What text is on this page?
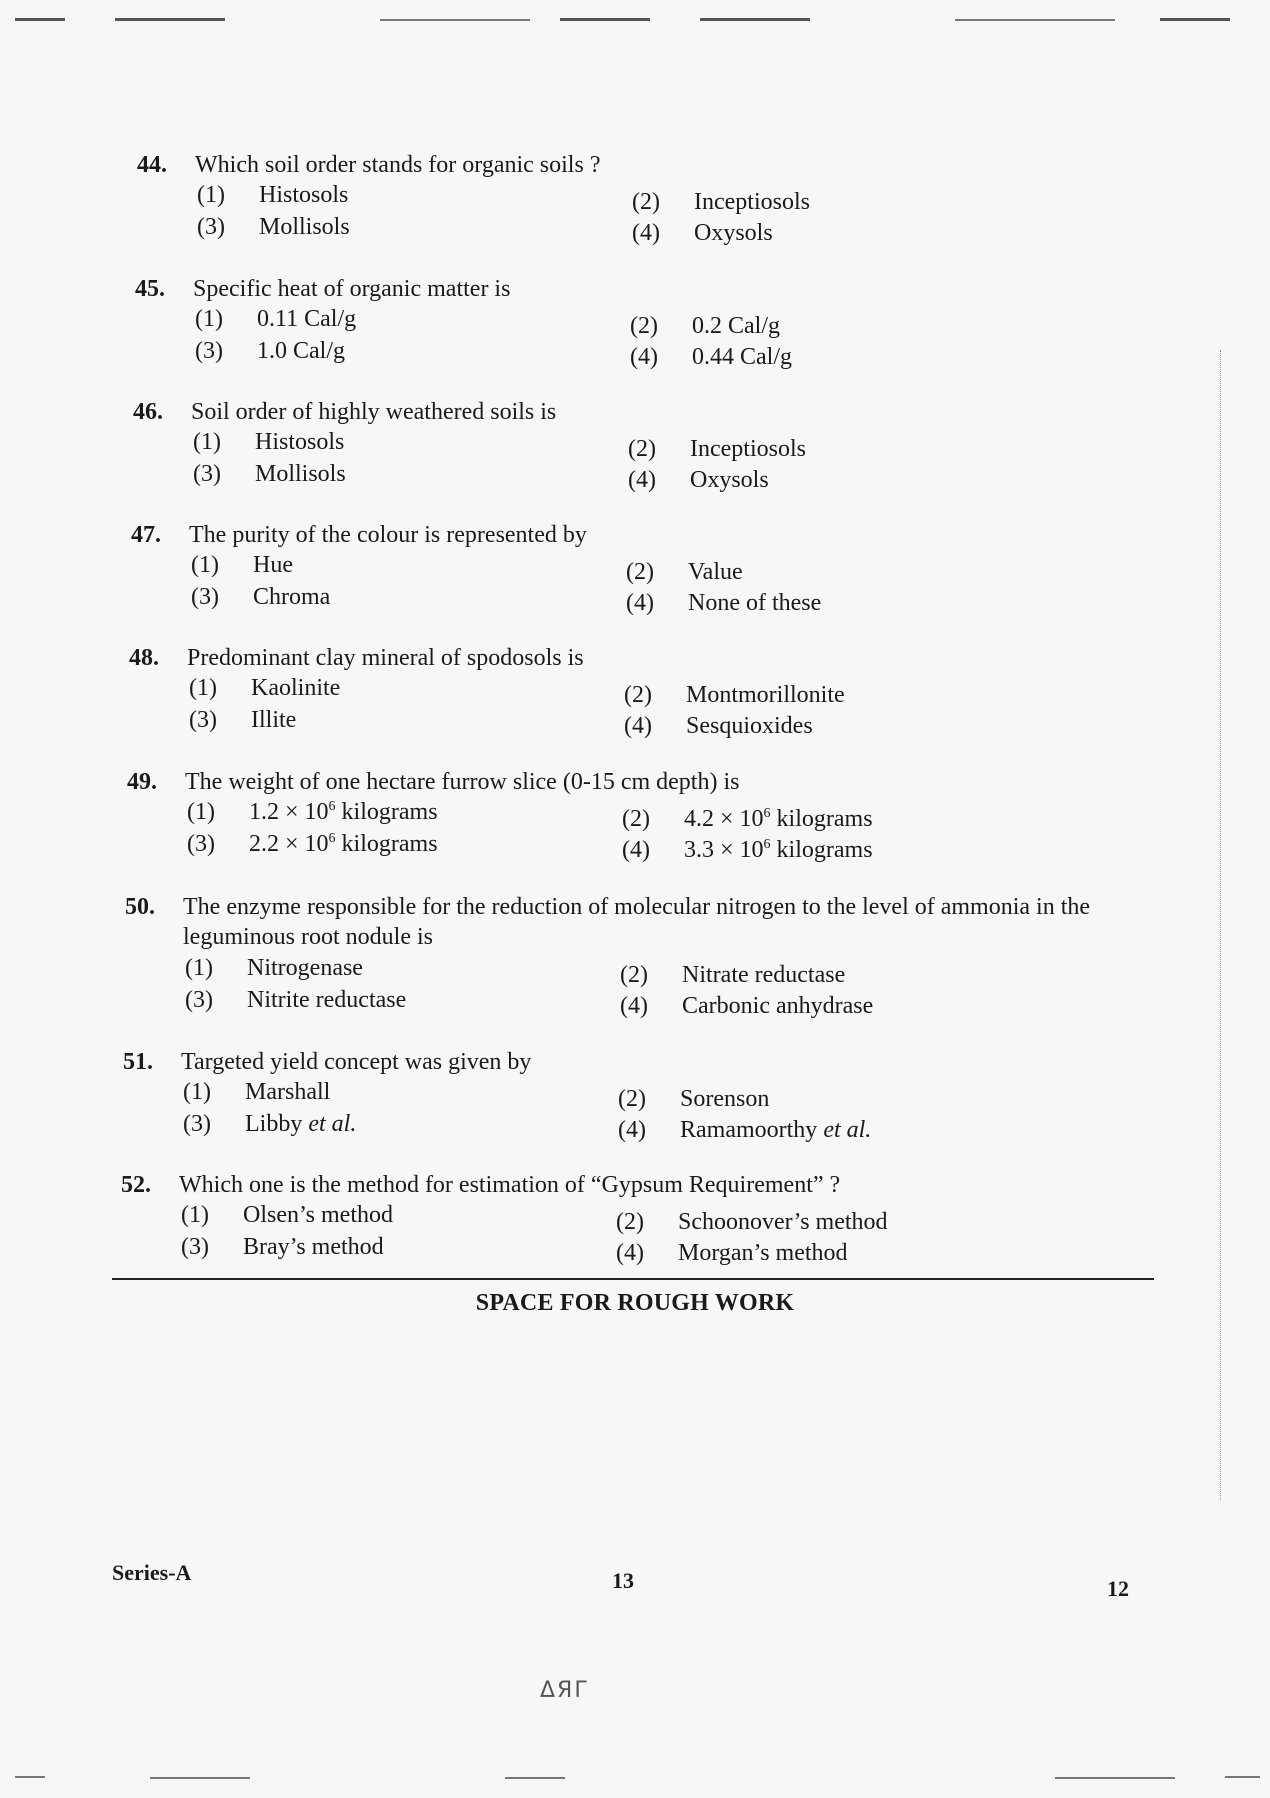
44. Which soil order stands for organic soils ?
(1) Histosols	(2) Inceptiosols
(3) Mollisols	(4) Oxysols
45. Specific heat of organic matter is
(1) 0.11 Cal/g	(2) 0.2 Cal/g
(3) 1.0 Cal/g	(4) 0.44 Cal/g
46. Soil order of highly weathered soils is
(1) Histosols	(2) Inceptiosols
(3) Mollisols	(4) Oxysols
47. The purity of the colour is represented by
(1) Hue	(2) Value
(3) Chroma	(4) None of these
48. Predominant clay mineral of spodosols is
(1) Kaolinite	(2) Montmorillonite
(3) Illite	(4) Sesquioxides
49. The weight of one hectare furrow slice (0-15 cm depth) is
(1) $1.2 \times 10^6$ kilograms	(2) $4.2 \times 10^6$ kilograms
(3) $2.2 \times 10^6$ kilograms	(4) $3.3 \times 10^6$ kilograms
50. The enzyme responsible for the reduction of molecular nitrogen to the level of ammonia in the leguminous root nodule is
(1) Nitrogenase	(2) Nitrate reductase
(3) Nitrite reductase	(4) Carbonic anhydrase
51. Targeted yield concept was given by
(1) Marshall	(2) Sorenson
(3) Libby et al.	(4) Ramamoorthy et al.
52. Which one is the method for estimation of “Gypsum Requirement” ?
(1) Olsen’s method	(2) Schoonover’s method
(3) Bray’s method	(4) Morgan’s method
SPACE FOR ROUGH WORK
Series-A	13	12
ΔЯΓ
